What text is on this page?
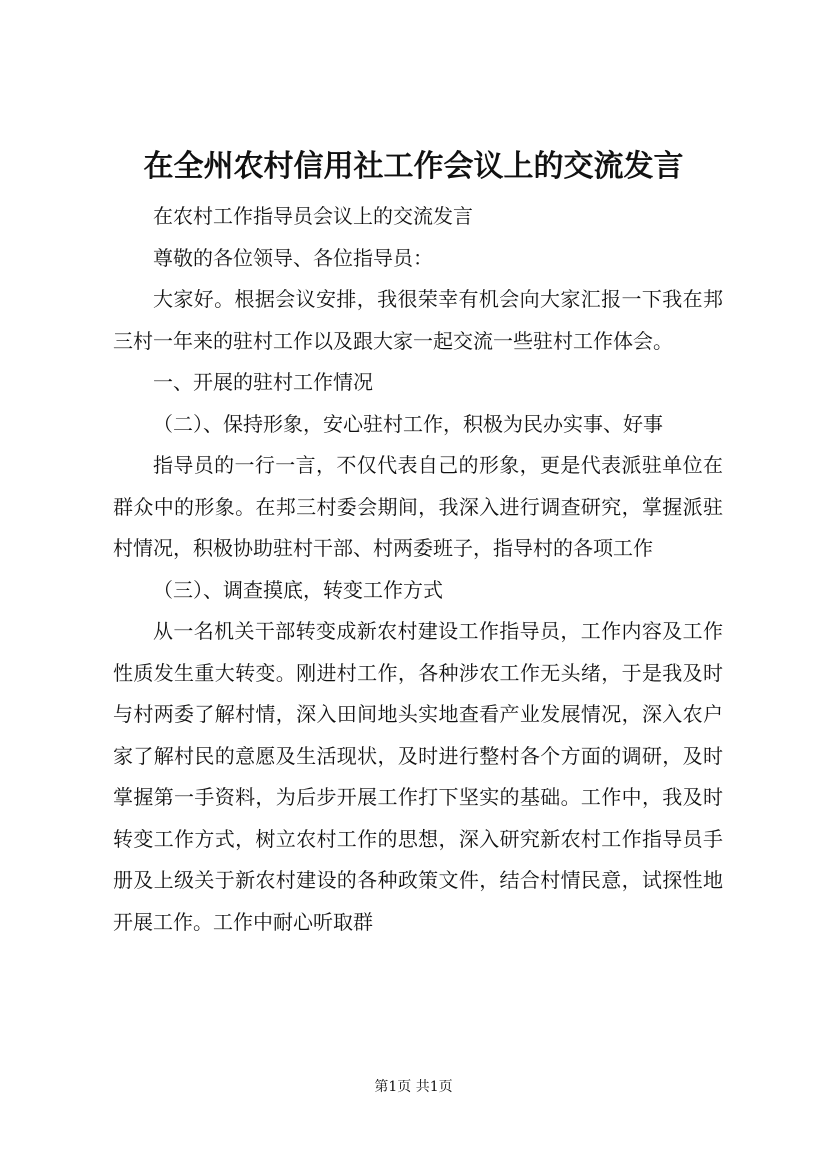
在全州农村信用社工作会议上的交流发言

在农村工作指导员会议上的交流发言

尊敬的各位领导、各位指导员：

大家好。根据会议安排，我很荣幸有机会向大家汇报一下我在邦三村一年来的驻村工作以及跟大家一起交流一些驻村工作体会。

一、开展的驻村工作情况

（二）、保持形象，安心驻村工作，积极为民办实事、好事

指导员的一行一言，不仅代表自己的形象，更是代表派驻单位在群众中的形象。在邦三村委会期间，我深入进行调查研究，掌握派驻村情况，积极协助驻村干部、村两委班子，指导村的各项工作

（三）、调查摸底，转变工作方式

从一名机关干部转变成新农村建设工作指导员，工作内容及工作性质发生重大转变。刚进村工作，各种涉农工作无头绪，于是我及时与村两委了解村情，深入田间地头实地查看产业发展情况，深入农户家了解村民的意愿及生活现状，及时进行整村各个方面的调研，及时掌握第一手资料，为后步开展工作打下坚实的基础。工作中，我及时转变工作方式，树立农村工作的思想，深入研究新农村工作指导员手册及上级关于新农村建设的各种政策文件，结合村情民意，试探性地开展工作。工作中耐心听取群

第1页 共1页
